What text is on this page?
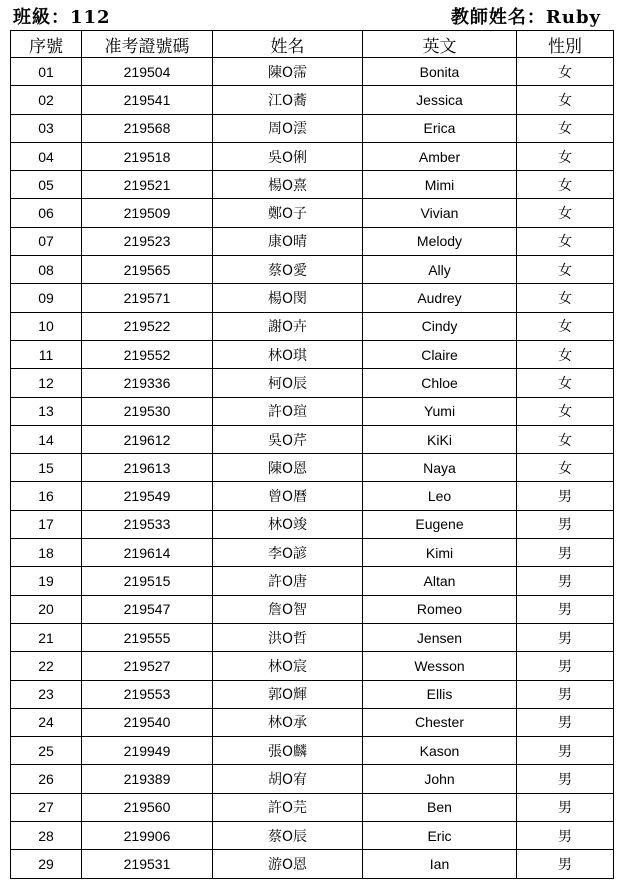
班級：112	教師姓名：Ruby
序號	准考證號碼	姓名	英文	性別
01	219504	陳O霈	Bonita	女
02	219541	江O蕎	Jessica	女
03	219568	周O澐	Erica	女
04	219518	吳O俐	Amber	女
05	219521	楊O熹	Mimi	女
06	219509	鄭O子	Vivian	女
07	219523	康O晴	Melody	女
08	219565	蔡O愛	Ally	女
09	219571	楊O閔	Audrey	女
10	219522	謝O卉	Cindy	女
11	219552	林O琪	Claire	女
12	219336	柯O辰	Chloe	女
13	219530	許O瑄	Yumi	女
14	219612	吳O芹	KiKi	女
15	219613	陳O恩	Naya	女
16	219549	曾O曆	Leo	男
17	219533	林O竣	Eugene	男
18	219614	李O諺	Kimi	男
19	219515	許O唐	Altan	男
20	219547	詹O智	Romeo	男
21	219555	洪O哲	Jensen	男
22	219527	林O宸	Wesson	男
23	219553	郭O輝	Ellis	男
24	219540	林O承	Chester	男
25	219949	張O麟	Kason	男
26	219389	胡O宥	John	男
27	219560	許O芫	Ben	男
28	219906	蔡O辰	Eric	男
29	219531	游O恩	Ian	男
